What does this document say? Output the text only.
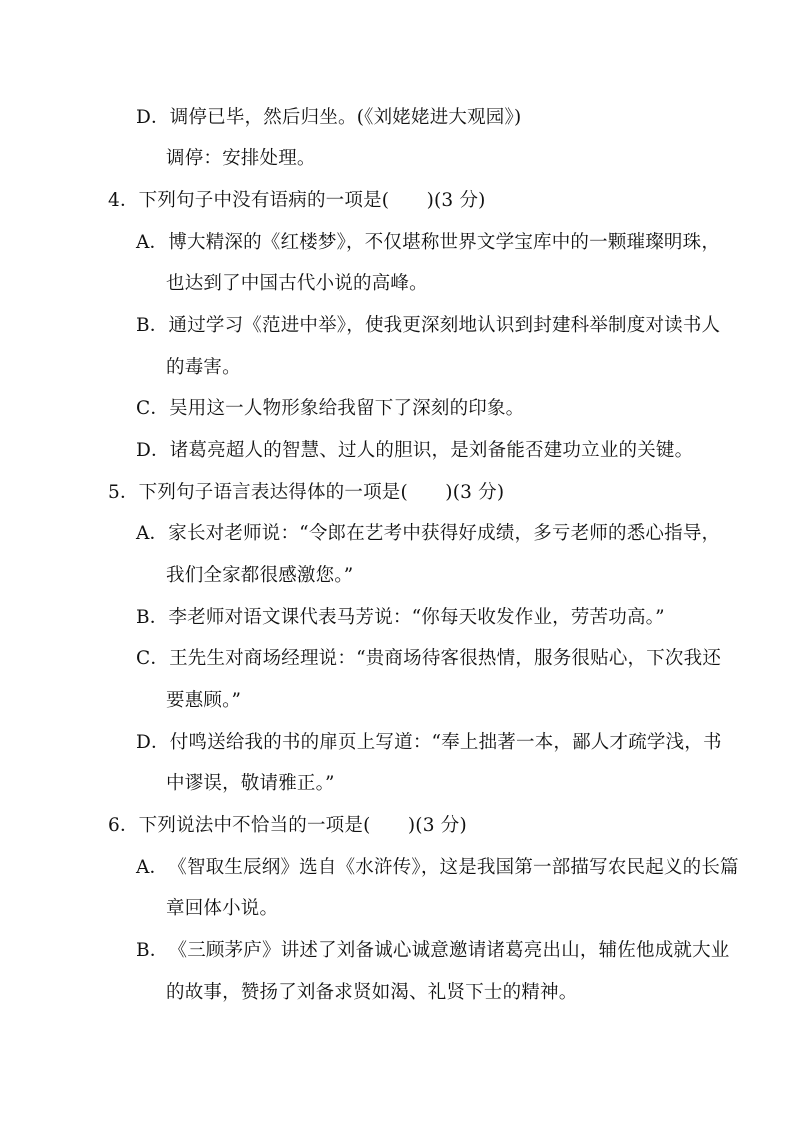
D．调停已毕，然后归坐。(《刘姥姥进大观园》)
调停：安排处理。
4．下列句子中没有语病的一项是(　　)(3 分)
A．博大精深的《红楼梦》，不仅堪称世界文学宝库中的一颗璀璨明珠，
也达到了中国古代小说的高峰。
B．通过学习《范进中举》，使我更深刻地认识到封建科举制度对读书人
的毒害。
C．吴用这一人物形象给我留下了深刻的印象。
D．诸葛亮超人的智慧、过人的胆识，是刘备能否建功立业的关键。
5．下列句子语言表达得体的一项是(　　)(3 分)
A．家长对老师说：“令郎在艺考中获得好成绩，多亏老师的悉心指导，
我们全家都很感激您。”
B．李老师对语文课代表马芳说：“你每天收发作业，劳苦功高。”
C．王先生对商场经理说：“贵商场待客很热情，服务很贴心，下次我还
要惠顾。”
D．付鸣送给我的书的扉页上写道：“奉上拙著一本，鄙人才疏学浅，书
中谬误，敬请雅正。”
6．下列说法中不恰当的一项是(　　)(3 分)
A．《智取生辰纲》选自《水浒传》，这是我国第一部描写农民起义的长篇
章回体小说。
B．《三顾茅庐》讲述了刘备诚心诚意邀请诸葛亮出山，辅佐他成就大业
的故事，赞扬了刘备求贤如渴、礼贤下士的精神。
